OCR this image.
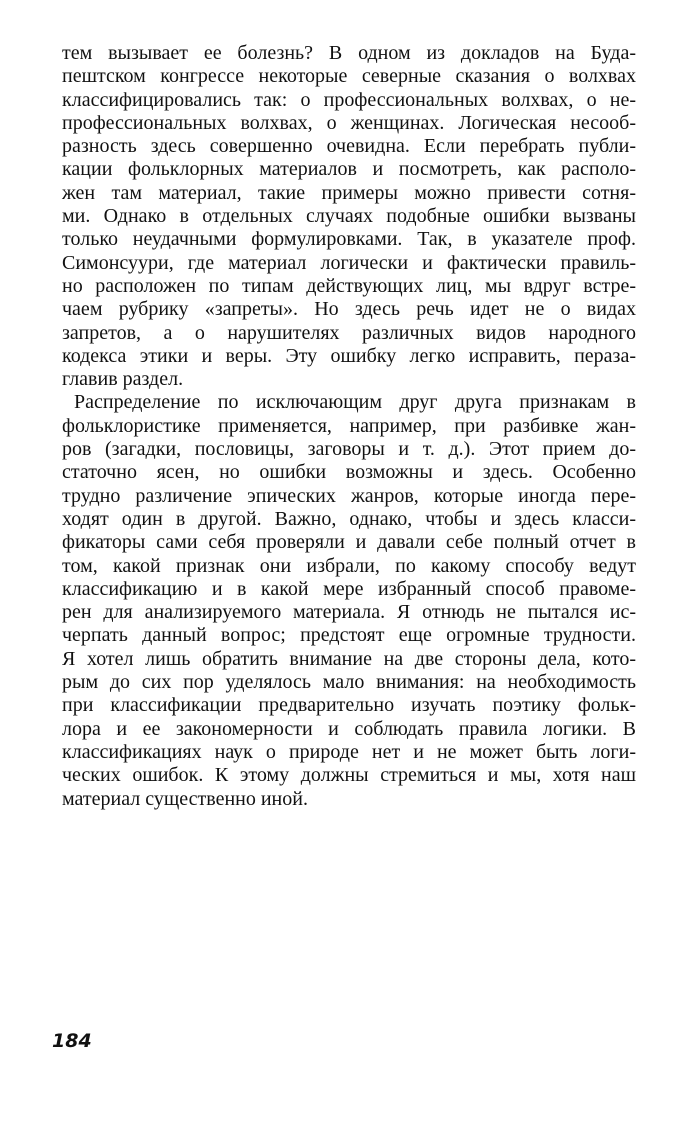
тем вызывает ее болезнь? В одном из докладов на Буда-
пештском конгрессе некоторые северные сказания о волхвах
классифицировались так: о профессиональных волхвах, о не-
профессиональных волхвах, о женщинах. Логическая несооб-
разность здесь совершенно очевидна. Если перебрать публи-
кации фольклорных материалов и посмотреть, как располо-
жен там материал, такие примеры можно привести сотня-
ми. Однако в отдельных случаях подобные ошибки вызваны
только неудачными формулировками. Так, в указателе проф.
Симонсуури, где материал логически и фактически правиль-
но расположен по типам действующих лиц, мы вдруг встре-
чаем рубрику «запреты». Но здесь речь идет не о видах
запретов, а о нарушителях различных видов народного
кодекса этики и веры. Эту ошибку легко исправить, пераза-
главив раздел.

Распределение по исключающим друг друга признакам в
фольклористике применяется, например, при разбивке жан-
ров (загадки, пословицы, заговоры и т. д.). Этот прием до-
статочно ясен, но ошибки возможны и здесь. Особенно
трудно различение эпических жанров, которые иногда пере-
ходят один в другой. Важно, однако, чтобы и здесь класси-
фикаторы сами себя проверяли и давали себе полный отчет в
том, какой признак они избрали, по какому способу ведут
классификацию и в какой мере избранный способ правоме-
рен для анализируемого материала. Я отнюдь не пытался ис-
черпать данный вопрос; предстоят еще огромные трудности.
Я хотел лишь обратить внимание на две стороны дела, кото-
рым до сих пор уделялось мало внимания: на необходимость
при классификации предварительно изучать поэтику фольк-
лора и ее закономерности и соблюдать правила логики. В
классификациях наук о природе нет и не может быть логи-
ческих ошибок. К этому должны стремиться и мы, хотя наш
материал существенно иной.

184
